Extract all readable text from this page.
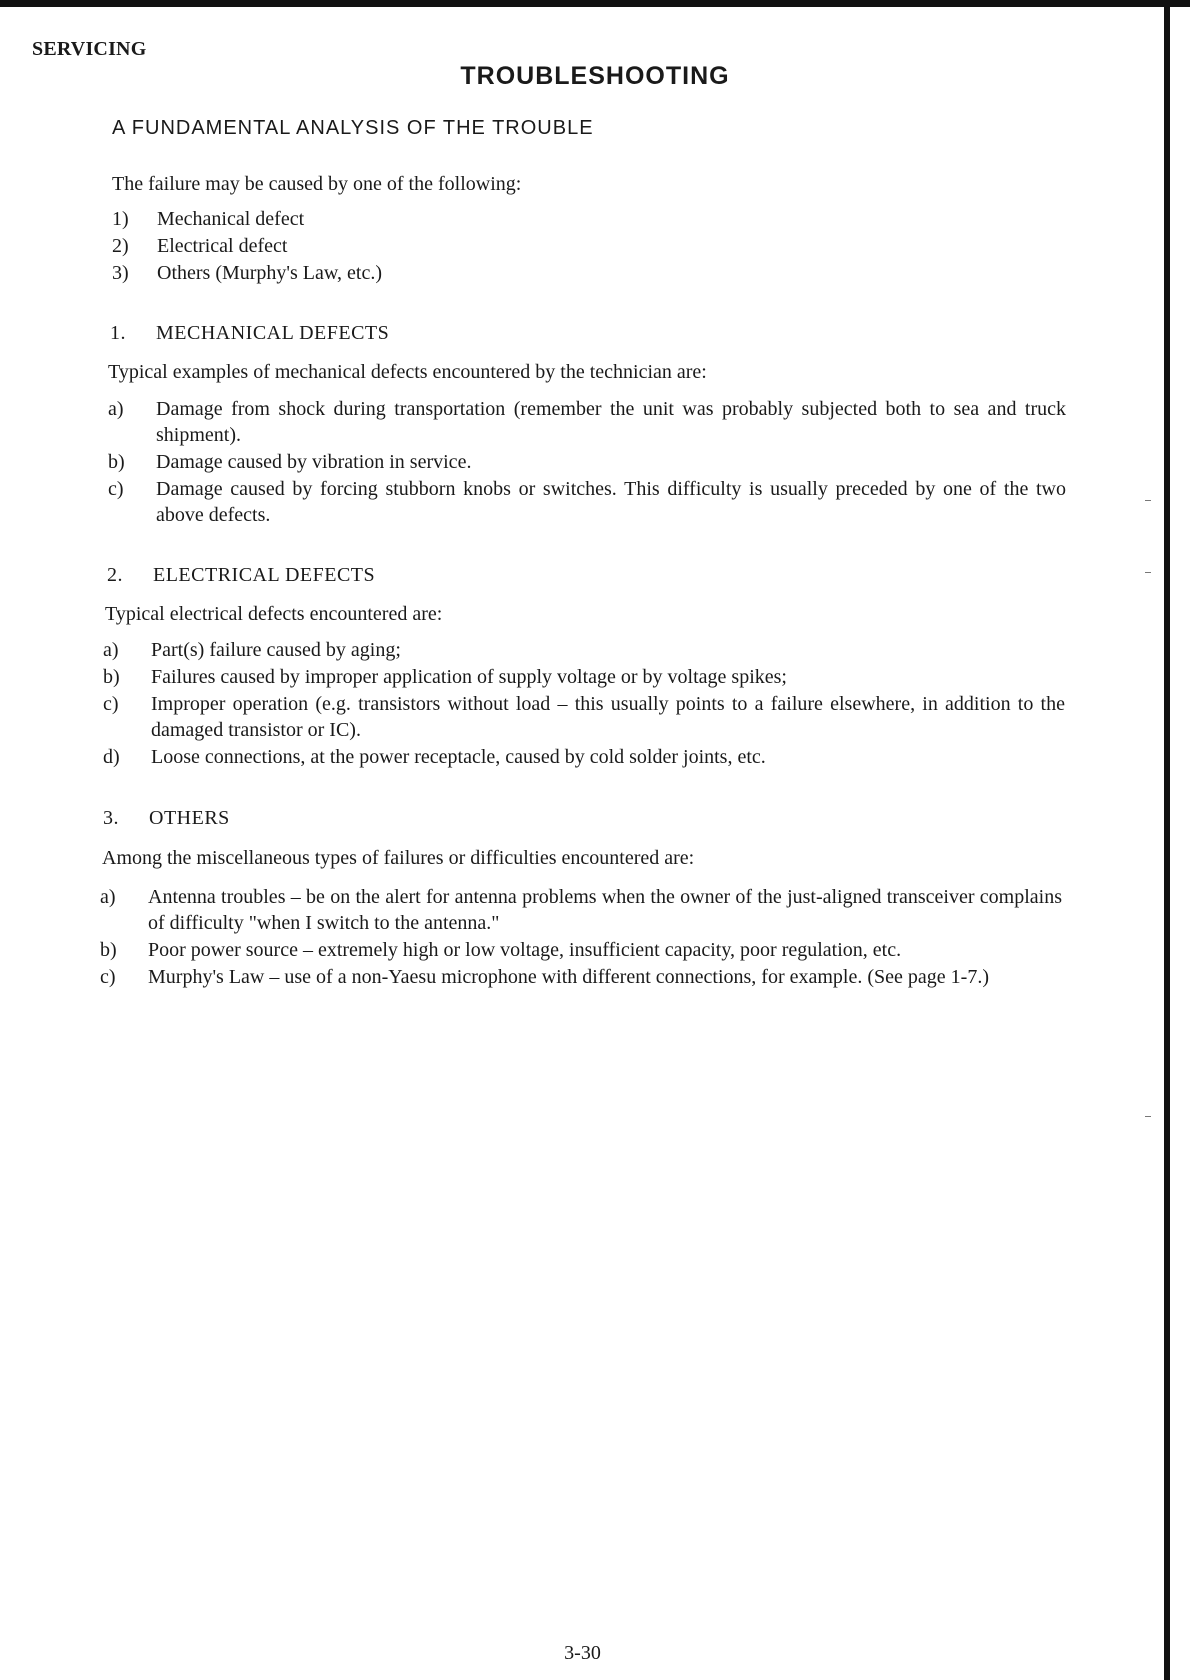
SERVICING
TROUBLESHOOTING
A FUNDAMENTAL ANALYSIS OF THE TROUBLE
The failure may be caused by one of the following:
1) Mechanical defect
2) Electrical defect
3) Others (Murphy's Law, etc.)
1. MECHANICAL DEFECTS
Typical examples of mechanical defects encountered by the technician are:
a) Damage from shock during transportation (remember the unit was probably subjected both to sea and truck shipment).
b) Damage caused by vibration in service.
c) Damage caused by forcing stubborn knobs or switches. This difficulty is usually preceded by one of the two above defects.
2. ELECTRICAL DEFECTS
Typical electrical defects encountered are:
a) Part(s) failure caused by aging;
b) Failures caused by improper application of supply voltage or by voltage spikes;
c) Improper operation (e.g. transistors without load – this usually points to a failure elsewhere, in addition to the damaged transistor or IC).
d) Loose connections, at the power receptacle, caused by cold solder joints, etc.
3. OTHERS
Among the miscellaneous types of failures or difficulties encountered are:
a) Antenna troubles – be on the alert for antenna problems when the owner of the just-aligned transceiver complains of difficulty "when I switch to the antenna."
b) Poor power source – extremely high or low voltage, insufficient capacity, poor regulation, etc.
c) Murphy's Law – use of a non-Yaesu microphone with different connections, for example. (See page 1-7.)
3-30
